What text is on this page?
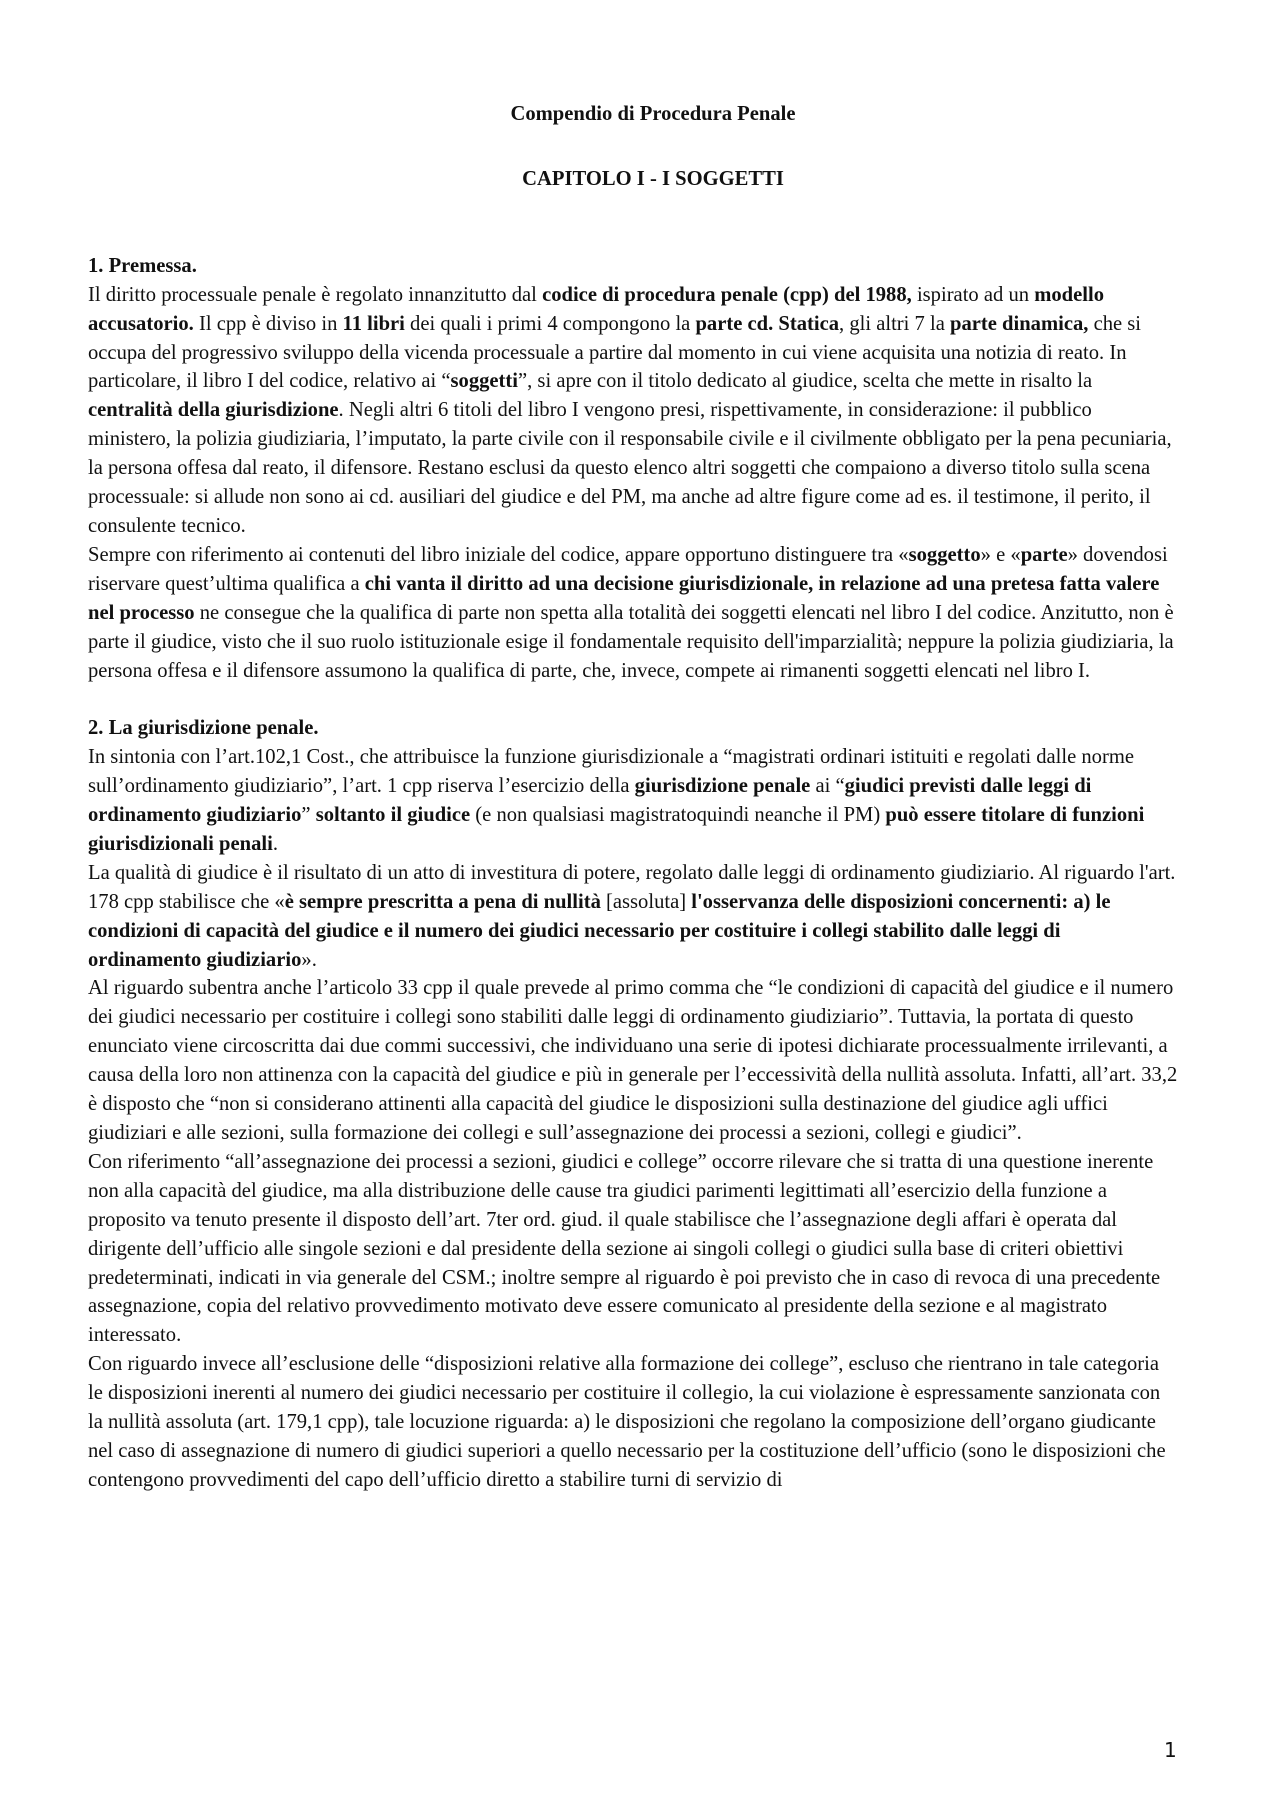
Compendio di Procedura Penale

CAPITOLO I - I SOGGETTI

1. Premessa.

Il diritto processuale penale è regolato innanzitutto dal codice di procedura penale (cpp) del 1988, ispirato ad un modello accusatorio. Il cpp è diviso in 11 libri dei quali i primi 4 compongono la parte cd. Statica, gli altri 7 la parte dinamica, che si occupa del progressivo sviluppo della vicenda processuale a partire dal momento in cui viene acquisita una notizia di reato. In particolare, il libro I del codice, relativo ai “soggetti”, si apre con il titolo dedicato al giudice, scelta che mette in risalto la centralità della giurisdizione. Negli altri 6 titoli del libro I vengono presi, rispettivamente, in considerazione: il pubblico ministero, la polizia giudiziaria, l’imputato, la parte civile con il responsabile civile e il civilmente obbligato per la pena pecuniaria, la persona offesa dal reato, il difensore. Restano esclusi da questo elenco altri soggetti che compaiono a diverso titolo sulla scena processuale: si allude non sono ai cd. ausiliari del giudice e del PM, ma anche ad altre figure come ad es. il testimone, il perito, il consulente tecnico.

Sempre con riferimento ai contenuti del libro iniziale del codice, appare opportuno distinguere tra «soggetto» e «parte» dovendosi riservare quest’ultima qualifica a chi vanta il diritto ad una decisione giurisdizionale, in relazione ad una pretesa fatta valere nel processo ne consegue che la qualifica di parte non spetta alla totalità dei soggetti elencati nel libro I del codice. Anzitutto, non è parte il giudice, visto che il suo ruolo istituzionale esige il fondamentale requisito dell'imparzialità; neppure la polizia giudiziaria, la persona offesa e il difensore assumono la qualifica di parte, che, invece, compete ai rimanenti soggetti elencati nel libro I.

2. La giurisdizione penale.

In sintonia con l’art.102,1 Cost., che attribuisce la funzione giurisdizionale a “magistrati ordinari istituiti e regolati dalle norme sull’ordinamento giudiziario”, l’art. 1 cpp riserva l’esercizio della giurisdizione penale ai “giudici previsti dalle leggi di ordinamento giudiziario” soltanto il giudice (e non qualsiasi magistratoquindi neanche il PM) può essere titolare di funzioni giurisdizionali penali.

La qualità di giudice è il risultato di un atto di investitura di potere, regolato dalle leggi di ordinamento giudiziario. Al riguardo l'art. 178 cpp stabilisce che «è sempre prescritta a pena di nullità [assoluta] l'osservanza delle disposizioni concernenti: a) le condizioni di capacità del giudice e il numero dei giudici necessario per costituire i collegi stabilito dalle leggi di ordinamento giudiziario».

Al riguardo subentra anche l’articolo 33 cpp il quale prevede al primo comma che “le condizioni di capacità del giudice e il numero dei giudici necessario per costituire i collegi sono stabiliti dalle leggi di ordinamento giudiziario”. Tuttavia, la portata di questo enunciato viene circoscritta dai due commi successivi, che individuano una serie di ipotesi dichiarate processualmente irrilevanti, a causa della loro non attinenza con la capacità del giudice e più in generale per l’eccessività della nullità assoluta. Infatti, all’art. 33,2 è disposto che “non si considerano attinenti alla capacità del giudice le disposizioni sulla destinazione del giudice agli uffici giudiziari e alle sezioni, sulla formazione dei collegi e sull’assegnazione dei processi a sezioni, collegi e giudici”.

Con riferimento “all’assegnazione dei processi a sezioni, giudici e college” occorre rilevare che si tratta di una questione inerente non alla capacità del giudice, ma alla distribuzione delle cause tra giudici parimenti legittimati all’esercizio della funzione a proposito va tenuto presente il disposto dell’art. 7ter ord. giud. il quale stabilisce che l’assegnazione degli affari è operata dal dirigente dell’ufficio alle singole sezioni e dal presidente della sezione ai singoli collegi o giudici sulla base di criteri obiettivi predeterminati, indicati in via generale del CSM.; inoltre sempre al riguardo è poi previsto che in caso di revoca di una precedente assegnazione, copia del relativo provvedimento motivato deve essere comunicato al presidente della sezione e al magistrato interessato.

Con riguardo invece all’esclusione delle “disposizioni relative alla formazione dei college”, escluso che rientrano in tale categoria le disposizioni inerenti al numero dei giudici necessario per costituire il collegio, la cui violazione è espressamente sanzionata con la nullità assoluta (art. 179,1 cpp), tale locuzione riguarda: a) le disposizioni che regolano la composizione dell’organo giudicante nel caso di assegnazione di numero di giudici superiori a quello necessario per la costituzione dell’ufficio (sono le disposizioni che contengono provvedimenti del capo dell’ufficio diretto a stabilire turni di servizio di

1
